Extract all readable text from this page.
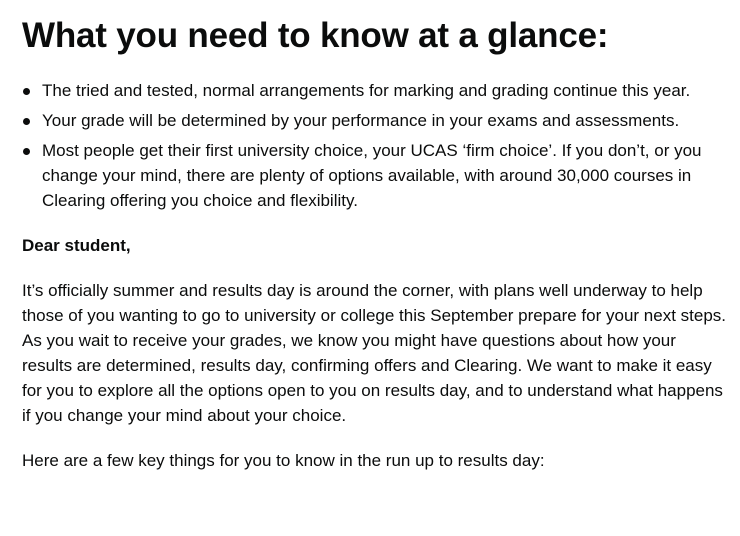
What you need to know at a glance:
The tried and tested, normal arrangements for marking and grading continue this year.
Your grade will be determined by your performance in your exams and assessments.
Most people get their first university choice, your UCAS ‘firm choice’. If you don’t, or you change your mind, there are plenty of options available, with around 30,000 courses in Clearing offering you choice and flexibility.

Dear student,

It’s officially summer and results day is around the corner, with plans well underway to help those of you wanting to go to university or college this September prepare for your next steps. As you wait to receive your grades, we know you might have questions about how your results are determined, results day, confirming offers and Clearing. We want to make it easy for you to explore all the options open to you on results day, and to understand what happens if you change your mind about your choice.

Here are a few key things for you to know in the run up to results day:
